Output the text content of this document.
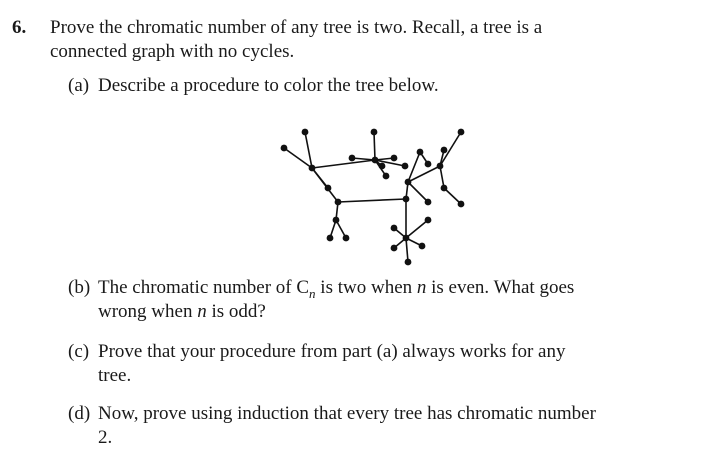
6. Prove the chromatic number of any tree is two. Recall, a tree is a
connected graph with no cycles.
(a) Describe a procedure to color the tree below.
(b) The chromatic number of $C_n$ is two when n is even. What goes
wrong when n is odd?
(c) Prove that your procedure from part (a) always works for any
tree.
(d) Now, prove using induction that every tree has chromatic number
2.
